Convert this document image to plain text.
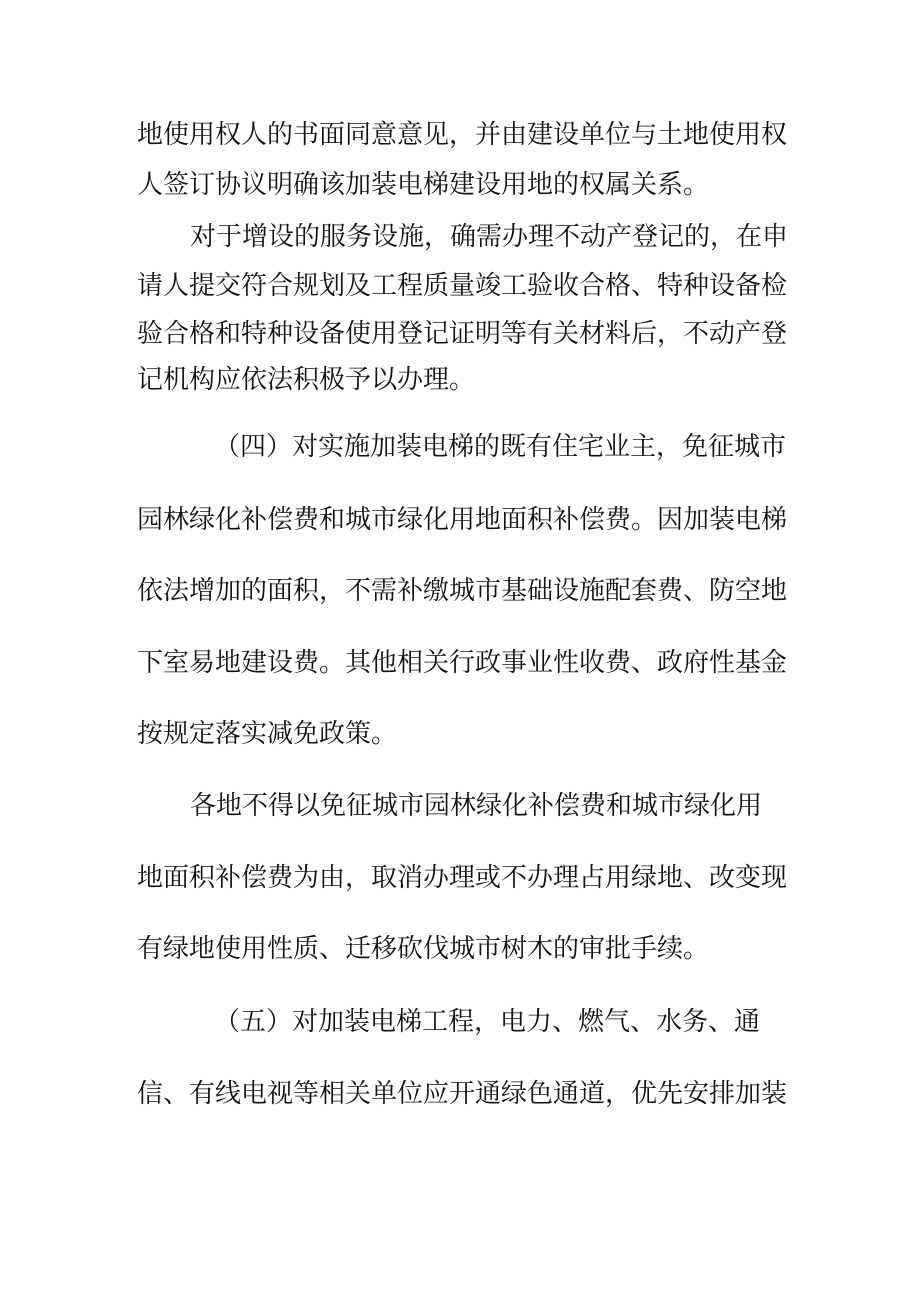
地使用权人的书面同意意见，并由建设单位与土地使用权
人签订协议明确该加装电梯建设用地的权属关系。
对于增设的服务设施，确需办理不动产登记的，在申
请人提交符合规划及工程质量竣工验收合格、特种设备检
验合格和特种设备使用登记证明等有关材料后，不动产登
记机构应依法积极予以办理。
（四）对实施加装电梯的既有住宅业主，免征城市
园林绿化补偿费和城市绿化用地面积补偿费。因加装电梯
依法增加的面积，不需补缴城市基础设施配套费、防空地
下室易地建设费。其他相关行政事业性收费、政府性基金
按规定落实减免政策。
各地不得以免征城市园林绿化补偿费和城市绿化用
地面积补偿费为由，取消办理或不办理占用绿地、改变现
有绿地使用性质、迁移砍伐城市树木的审批手续。
（五）对加装电梯工程，电力、燃气、水务、通
信、有线电视等相关单位应开通绿色通道，优先安排加装
